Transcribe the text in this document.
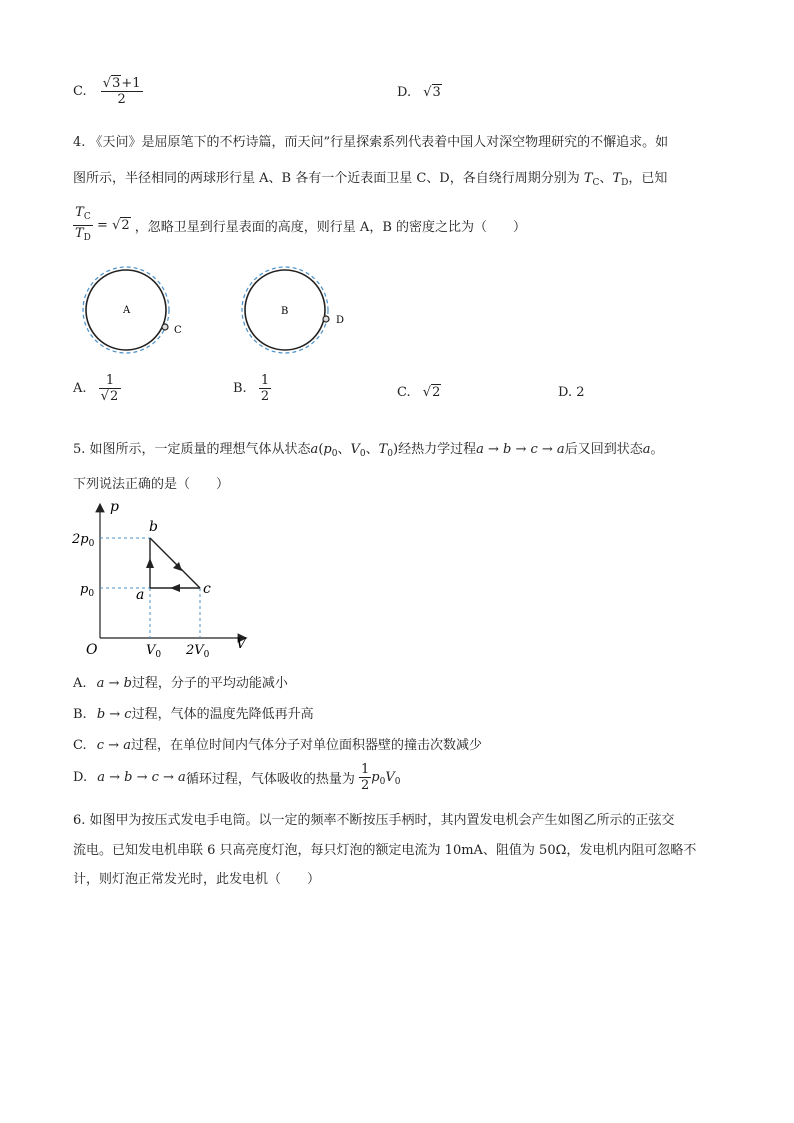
C. $\frac{√3+1}{2}$	D. √3
4. 《天问》是屈原笔下的不朽诗篇，而天问”行星探索系列代表着中国人对深空物理研究的不懈追求。如
图所示，半径相同的两球形行星 A、B 各有一个近表面卫星 C、D，各自绕行周期分别为 $T_C$、$T_D$，已知
$\frac{T_C}{T_D} = √2$ ，忽略卫星到行星表面的高度，则行星 A，B 的密度之比为（　　）
A
C
B
D
A. $\frac{1}{√2}$	B. $\frac{1}{2}$	C. √2	D. 2
5. 如图所示，一定质量的理想气体从状态$a(p_0$、$V_0$、$T_0$)经热力学过程a → b → c → a后又回到状态a。
下列说法正确的是（　　）
p
V
O
$2p_0$
$p_0$
$V_0$ $2V_0$
a
b
c
A. a → b过程，分子的平均动能减小
B. b → c过程，气体的温度先降低再升高
C. c → a过程，在单位时间内气体分子对单位面积器壁的撞击次数减少
D. a → b → c → a循环过程，气体吸收的热量为 $\frac{1}{2} p_0V_0$
6. 如图甲为按压式发电手电筒。以一定的频率不断按压手柄时，其内置发电机会产生如图乙所示的正弦交
流电。已知发电机串联 6 只高亮度灯泡，每只灯泡的额定电流为 10mA、阻值为 50Ω，发电机内阻可忽略不
计，则灯泡正常发光时，此发电机（　　）
